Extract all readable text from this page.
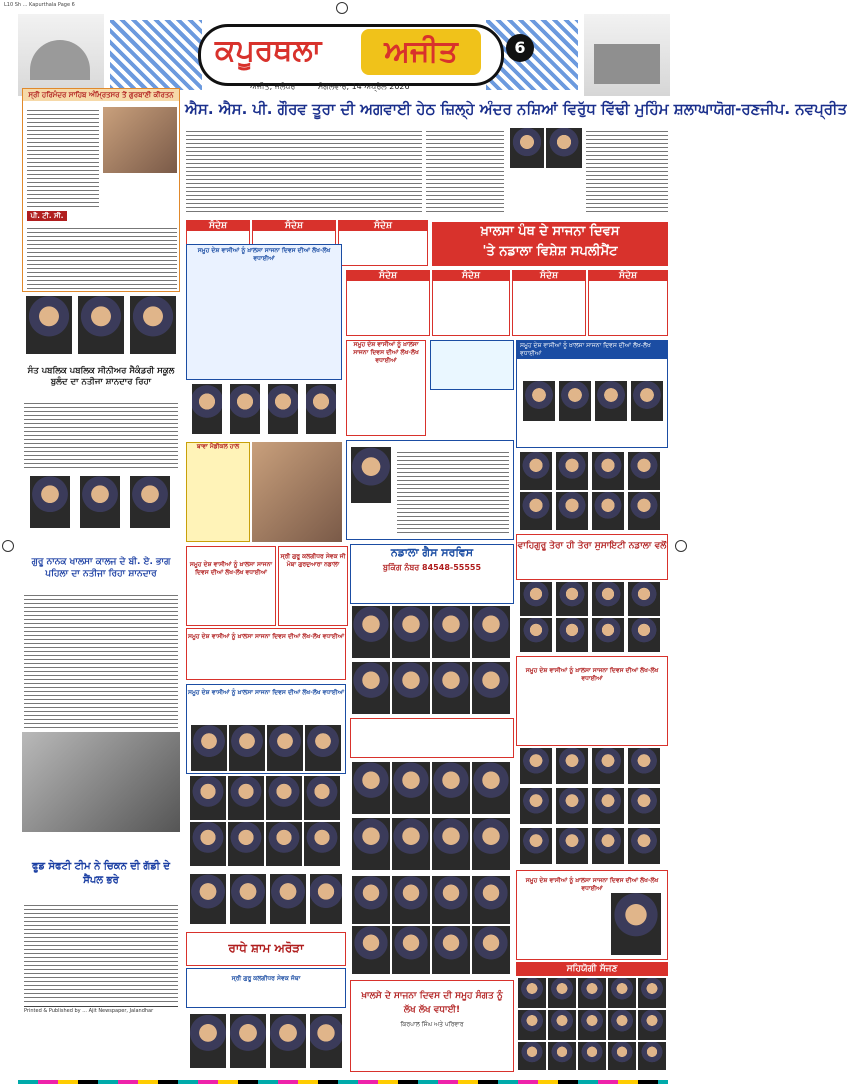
L10 Sh ... Kapurthala Page 6
ਕਪੂਰਥਲਾ	ਅਜੀਤ	6
ਅਜੀਤ, ਜਲੰਧਰ	ਮੰਗਲਵਾਰ, 14 ਅਪ੍ਰੈਲ 2026
ਸ੍ਰੀ ਹਰਿਮੰਦਰ ਸਾਹਿਬ ਅੰਮ੍ਰਿਤਸਰ ਤੋਂ ਗੁਰਬਾਣੀ ਕੀਰਤਨ
ਪੀ. ਟੀ. ਸੀ.
ਸੰਤ ਪਬਲਿਕ ਪਬਲਿਕ ਸੀਨੀਅਰ ਸੈਕੰਡਰੀ ਸਕੂਲ ਬੁਲੰਦ ਦਾ ਨਤੀਜਾ ਸ਼ਾਨਦਾਰ ਰਿਹਾ
ਗੁਰੂ ਨਾਨਕ ਖਾਲਸਾ ਕਾਲਜ ਦੇ ਬੀ. ਏ. ਭਾਗ ਪਹਿਲਾ ਦਾ ਨਤੀਜਾ ਰਿਹਾ ਸ਼ਾਨਦਾਰ
ਫੂਡ ਸੇਫਟੀ ਟੀਮ ਨੇ ਚਿਕਨ ਦੀ ਗੱਡੀ ਦੇ ਸੈਂਪਲ ਭਰੇ
Printed & Published by ... Ajit Newspaper, Jalandhar
ਐਸ. ਐਸ. ਪੀ. ਗੌਰਵ ਤੂਰਾ ਦੀ ਅਗਵਾਈ ਹੇਠ ਜ਼ਿਲ੍ਹੇ ਅੰਦਰ ਨਸ਼ਿਆਂ ਵਿਰੁੱਧ ਵਿੱਢੀ ਮੁਹਿੰਮ ਸ਼ਲਾਘਾਯੋਗ-ਰਣਜੀਪ. ਨਵਪ੍ਰੀਤ
ਸੰਦੇਸ਼	ਸੰਦੇਸ਼	ਸੰਦੇਸ਼	ਖ਼ਾਲਸਾ ਪੰਥ ਦੇ ਸਾਜਨਾ ਦਿਵਸ
'ਤੇ ਨਡਾਲਾ ਵਿਸ਼ੇਸ਼ ਸਪਲੀਮੈਂਟ
ਸੰਦੇਸ਼	ਸੰਦੇਸ਼	ਸੰਦੇਸ਼
ਸੰਦੇਸ਼
ਸਮੂਹ ਦੇਸ਼ ਵਾਸੀਆਂ ਨੂੰ ਖ਼ਾਲਸਾ ਸਾਜਨਾ ਦਿਵਸ ਦੀਆਂ ਲੱਖ-ਲੱਖ ਵਧਾਈਆਂ
ਬਾਵਾ ਮੈਡੀਕਲ ਹਾਲ
ਸਮੂਹ ਦੇਸ਼ ਵਾਸੀਆਂ ਨੂੰ ਖ਼ਾਲਸਾ ਸਾਜਨਾ ਦਿਵਸ ਦੀਆਂ ਲੱਖ-ਲੱਖ ਵਧਾਈਆਂ
ਸਮੂਹ ਦੇਸ਼ ਵਾਸੀਆਂ ਨੂੰ ਖ਼ਾਲਸਾ ਸਾਜਨਾ ਦਿਵਸ ਦੀਆਂ ਲੱਖ-ਲੱਖ ਵਧਾਈਆਂ
ਵਾਹਿਗੁਰੂ ਤੇਰਾ ਹੀ ਤੇਰਾ ਸੁਸਾਇਟੀ ਨਡਾਲਾ ਵਲੋਂ
ਸਮੂਹ ਦੇਸ਼ ਵਾਸੀਆਂ ਨੂੰ ਖ਼ਾਲਸਾ ਸਾਜਨਾ ਦਿਵਸ ਦੀਆਂ ਲੱਖ-ਲੱਖ ਵਧਾਈਆਂ
ਸ੍ਰੀ ਗੁਰੂ ਕਲਗੀਧਰ ਸੇਵਕ ਜੀ ਮੋਬਾ ਗੁਰਦੁਆਰਾ ਨਡਾਲਾ
ਨਡਾਲਾ ਗੈਸ ਸਰਵਿਸ
ਬੁਕਿੰਗ ਨੰਬਰ 84548-55555
ਸਮੂਹ ਦੇਸ਼ ਵਾਸੀਆਂ ਨੂੰ ਖ਼ਾਲਸਾ ਸਾਜਨਾ ਦਿਵਸ ਦੀਆਂ ਲੱਖ-ਲੱਖ ਵਧਾਈਆਂ
ਸਮੂਹ ਦੇਸ਼ ਵਾਸੀਆਂ ਨੂੰ ਖ਼ਾਲਸਾ ਸਾਜਨਾ ਦਿਵਸ ਦੀਆਂ ਲੱਖ-ਲੱਖ ਵਧਾਈਆਂ
ਸਮੂਹ ਦੇਸ਼ ਵਾਸੀਆਂ ਨੂੰ ਖ਼ਾਲਸਾ ਸਾਜਨਾ ਦਿਵਸ ਦੀਆਂ ਲੱਖ-ਲੱਖ ਵਧਾਈਆਂ
ਰਾਧੇ ਸ਼ਾਮ ਅਰੋੜਾ
ਸ੍ਰੀ ਗੁਰੂ ਕਲਗੀਧਰ ਸੇਵਕ ਜੱਥਾ
ਖ਼ਾਲਸੇ ਦੇ ਸਾਜਨਾ ਦਿਵਸ ਦੀ ਸਮੂਹ ਸੰਗਤ ਨੂੰ ਲੱਖ ਲੱਖ ਵਧਾਈ!
ਕਿਰਪਾਲ ਸਿੰਘ ਅਤੇ ਪਰਿਵਾਰ
ਸਮੂਹ ਦੇਸ਼ ਵਾਸੀਆਂ ਨੂੰ ਖ਼ਾਲਸਾ ਸਾਜਨਾ ਦਿਵਸ ਦੀਆਂ ਲੱਖ-ਲੱਖ ਵਧਾਈਆਂ
ਸਹਿਯੋਗੀ ਸੱਜਣ
